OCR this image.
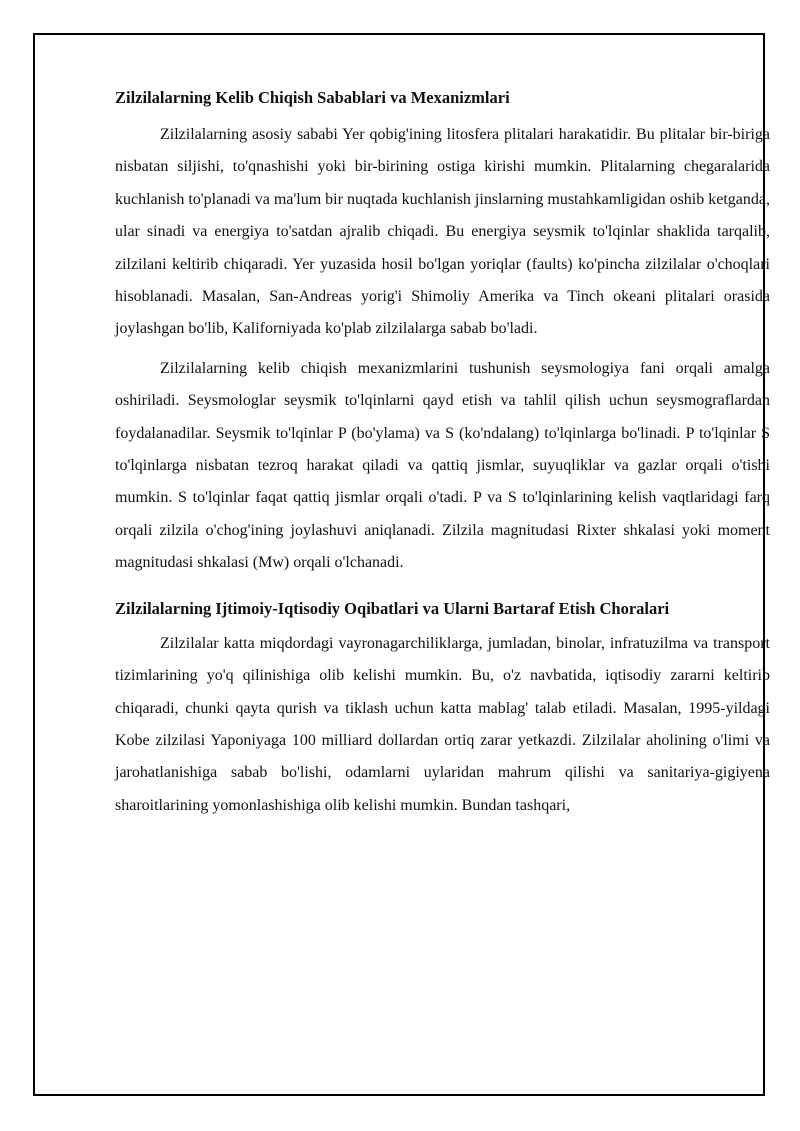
Zilzilalarning Kelib Chiqish Sabablari va Mexanizmlari

Zilzilalarning asosiy sababi Yer qobig'ining litosfera plitalari harakatidir. Bu plitalar bir-biriga nisbatan siljishi, to'qnashishi yoki bir-birining ostiga kirishi mumkin. Plitalarning chegaralarida kuchlanish to'planadi va ma'lum bir nuqtada kuchlanish jinslarning mustahkamligidan oshib ketganda, ular sinadi va energiya to'satdan ajralib chiqadi. Bu energiya seysmik to'lqinlar shaklida tarqalib, zilzilani keltirib chiqaradi. Yer yuzasida hosil bo'lgan yoriqlar (faults) ko'pincha zilzilalar o'choqlari hisoblanadi. Masalan, San-Andreas yorig'i Shimoliy Amerika va Tinch okeani plitalari orasida joylashgan bo'lib, Kaliforniyada ko'plab zilzilalarga sabab bo'ladi.

Zilzilalarning kelib chiqish mexanizmlarini tushunish seysmologiya fani orqali amalga oshiriladi. Seysmologlar seysmik to'lqinlarni qayd etish va tahlil qilish uchun seysmograflardan foydalanadilar. Seysmik to'lqinlar P (bo'ylama) va S (ko'ndalang) to'lqinlarga bo'linadi. P to'lqinlar S to'lqinlarga nisbatan tezroq harakat qiladi va qattiq jismlar, suyuqliklar va gazlar orqali o'tishi mumkin. S to'lqinlar faqat qattiq jismlar orqali o'tadi. P va S to'lqinlarining kelish vaqtlaridagi farq orqali zilzila o'chog'ining joylashuvi aniqlanadi. Zilzila magnitudasi Rixter shkalasi yoki moment magnitudasi shkalasi (Mw) orqali o'lchanadi.

Zilzilalarning Ijtimoiy-Iqtisodiy Oqibatlari va Ularni Bartaraf Etish Choralari

Zilzilalar katta miqdordagi vayronagarchiliklarga, jumladan, binolar, infratuzilma va transport tizimlarining yo'q qilinishiga olib kelishi mumkin. Bu, o'z navbatida, iqtisodiy zararni keltirib chiqaradi, chunki qayta qurish va tiklash uchun katta mablag' talab etiladi. Masalan, 1995-yildagi Kobe zilzilasi Yaponiyaga 100 milliard dollardan ortiq zarar yetkazdi. Zilzilalar aholining o'limi va jarohatlanishiga sabab bo'lishi, odamlarni uylaridan mahrum qilishi va sanitariya-gigiyena sharoitlarining yomonlashishiga olib kelishi mumkin. Bundan tashqari,
